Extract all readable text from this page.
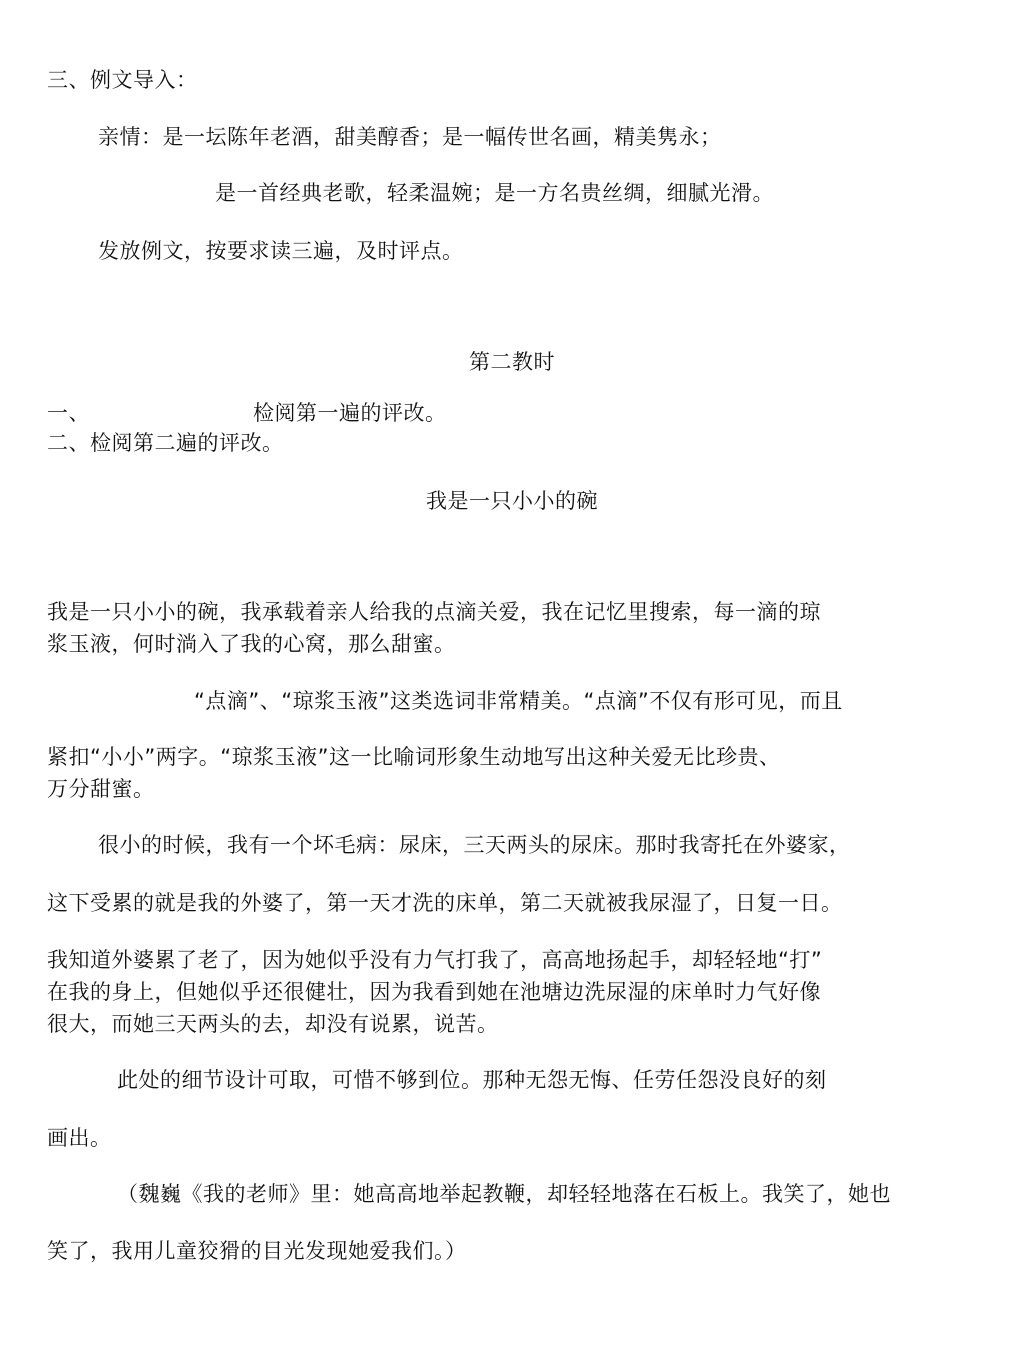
三、例文导入：
亲情：是一坛陈年老酒，甜美醇香；是一幅传世名画，精美隽永；
是一首经典老歌，轻柔温婉；是一方名贵丝绸，细腻光滑。
发放例文，按要求读三遍，及时评点。
第二教时
一、	检阅第一遍的评改。
二、检阅第二遍的评改。
我是一只小小的碗
我是一只小小的碗，我承载着亲人给我的点滴关爱，我在记忆里搜索，每一滴的琼
浆玉液，何时淌入了我的心窝，那么甜蜜。
“点滴”、“琼浆玉液”这类选词非常精美。“点滴”不仅有形可见，而且
紧扣“小小”两字。“琼浆玉液”这一比喻词形象生动地写出这种关爱无比珍贵、
万分甜蜜。
很小的时候，我有一个坏毛病：尿床，三天两头的尿床。那时我寄托在外婆家，
这下受累的就是我的外婆了，第一天才洗的床单，第二天就被我尿湿了，日复一日。
我知道外婆累了老了，因为她似乎没有力气打我了，高高地扬起手，却轻轻地“打”
在我的身上，但她似乎还很健壮，因为我看到她在池塘边洗尿湿的床单时力气好像
很大，而她三天两头的去，却没有说累，说苦。
此处的细节设计可取，可惜不够到位。那种无怨无悔、任劳任怨没良好的刻
画出。
（魏巍《我的老师》里：她高高地举起教鞭，却轻轻地落在石板上。我笑了，她也
笑了，我用儿童狡猾的目光发现她爱我们。）
